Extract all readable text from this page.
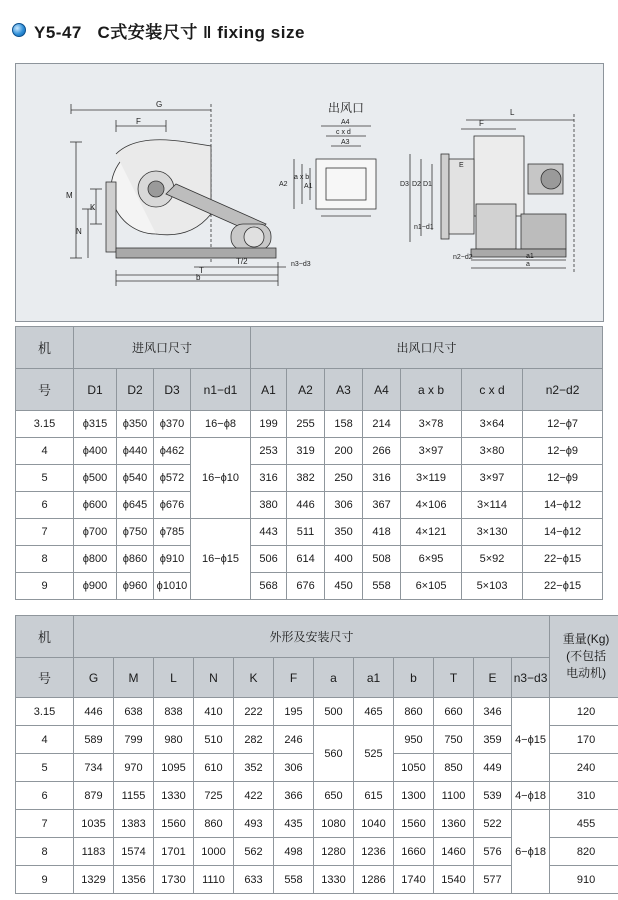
Y5-47   C式安装尺寸 ‖ fixing size
G
F
M
N
K
T/2
T
b
n3−d3
出风口
A4
c x d
A3
A2
a x b
A1
L
F
D3 D2 D1
E
n1−d1
n2−d2	a1
a
机	进风口尺寸				出风口尺寸						
号	D1	D2	D3	n1−d1	A1	A2	A3	A4	a x b	c x d	n2−d2
3.15	ϕ315	ϕ350	ϕ370	16−ϕ8	199	255	158	214	3×78	3×64	12−ϕ7
4	ϕ400	ϕ440	ϕ462	16−ϕ10	253	319	200	266	3×97	3×80	12−ϕ9
5	ϕ500	ϕ540	ϕ572		316	382	250	316	3×119	3×97	12−ϕ9
6	ϕ600	ϕ645	ϕ676		380	446	306	367	4×106	3×114	14−ϕ12
7	ϕ700	ϕ750	ϕ785	16−ϕ15	443	511	350	418	4×121	3×130	14−ϕ12
8	ϕ800	ϕ860	ϕ910		506	614	400	508	6×95	5×92	22−ϕ15
9	ϕ900	ϕ960	ϕ1010		568	676	450	558	6×105	5×103	22−ϕ15
机	外形及安装尺寸												重量(Kg)
(不包括
电动机)
号	G	M	L	N	K	F	a	a1	b	T	E	n3−d3	
3.15	446	638	838	410	222	195	500	465	860	660	346	4−ϕ15	120
4	589	799	980	510	282	246	560	525	950	750	359		170
5	734	970	1095	610	352	306			1050	850	449		240
6	879	1155	1330	725	422	366	650	615	1300	1100	539	4−ϕ18	310
7	1035	1383	1560	860	493	435	1080	1040	1560	1360	522	6−ϕ18	455
8	1183	1574	1701	1000	562	498	1280	1236	1660	1460	576		820
9	1329	1356	1730	1110	633	558	1330	1286	1740	1540	577		910
